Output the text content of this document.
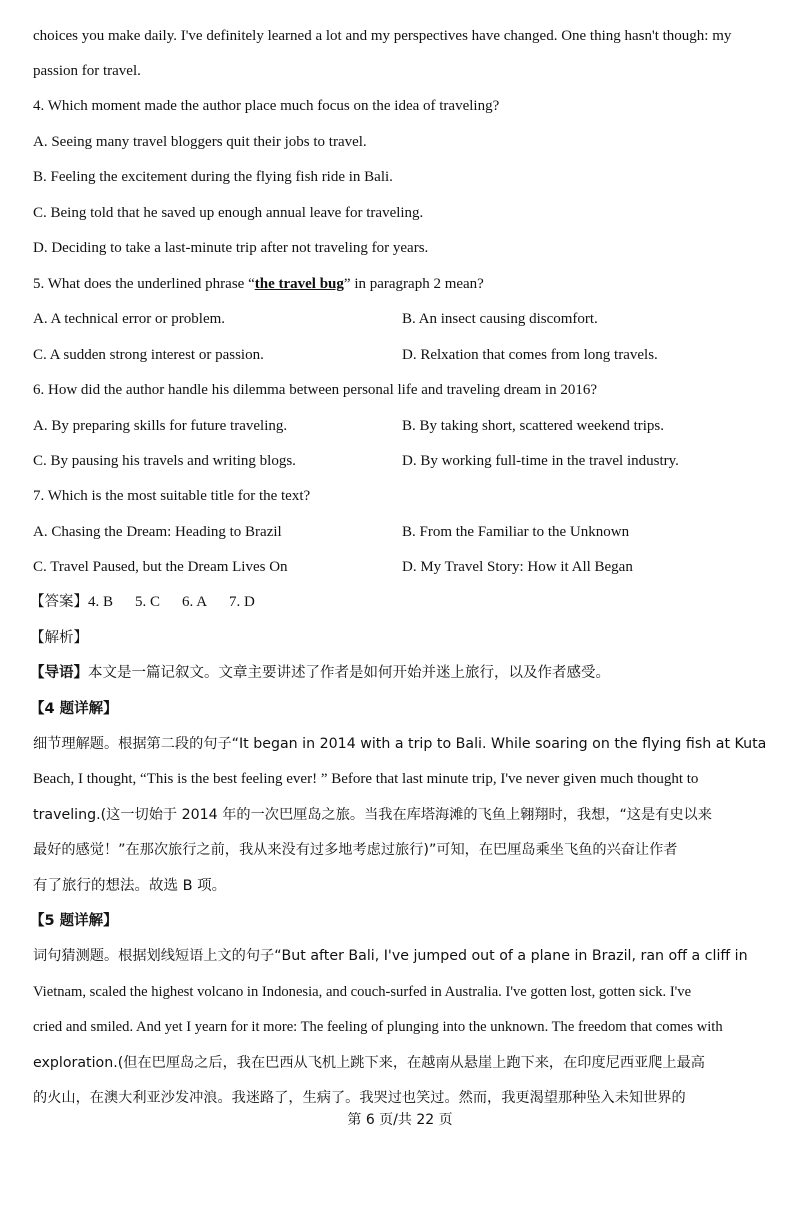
choices you make daily. I've definitely learned a lot and my perspectives have changed. One thing hasn't though: my
passion for travel.
4. Which moment made the author place much focus on the idea of traveling?
A. Seeing many travel bloggers quit their jobs to travel.
B. Feeling the excitement during the flying fish ride in Bali.
C. Being told that he saved up enough annual leave for traveling.
D. Deciding to take a last-minute trip after not traveling for years.
5. What does the underlined phrase “the travel bug” in paragraph 2 mean?
A. A technical error or problem.	B. An insect causing discomfort.
C. A sudden strong interest or passion.	D. Relxation that comes from long travels.
6. How did the author handle his dilemma between personal life and traveling dream in 2016?
A. By preparing skills for future traveling.	B. By taking short, scattered weekend trips.
C. By pausing his travels and writing blogs.	D. By working full-time in the travel industry.
7. Which is the most suitable title for the text?
A. Chasing the Dream: Heading to Brazil	B. From the Familiar to the Unknown
C. Travel Paused, but the Dream Lives On	D. My Travel Story: How it All Began
【答案】4. B 5. C 6. A 7. D
【解析】
【导语】本文是一篇记叙文。文章主要讲述了作者是如何开始并迷上旅行，以及作者感受。
【4 题详解】
细节理解题。根据第二段的句子“It began in 2014 with a trip to Bali. While soaring on the flying fish at Kuta
Beach, I thought, “This is the best feeling ever! ” Before that last minute trip, I've never given much thought to
traveling.(这一切始于 2014 年的一次巴厘岛之旅。当我在库塔海滩的飞鱼上翱翔时，我想，“这是有史以来
最好的感觉！”在那次旅行之前，我从来没有过多地考虑过旅行)”可知，在巴厘岛乘坐飞鱼的兴奋让作者
有了旅行的想法。故选 B 项。
【5 题详解】
词句猜测题。根据划线短语上文的句子“But after Bali, I've jumped out of a plane in Brazil, ran off a cliff in
Vietnam, scaled the highest volcano in Indonesia, and couch-surfed in Australia. I've gotten lost, gotten sick. I've
cried and smiled. And yet I yearn for it more: The feeling of plunging into the unknown. The freedom that comes with
exploration.(但在巴厘岛之后，我在巴西从飞机上跳下来，在越南从悬崖上跑下来，在印度尼西亚爬上最高
的火山，在澳大利亚沙发冲浪。我迷路了，生病了。我哭过也笑过。然而，我更渴望那种坠入未知世界的
第 6 页/共 22 页
